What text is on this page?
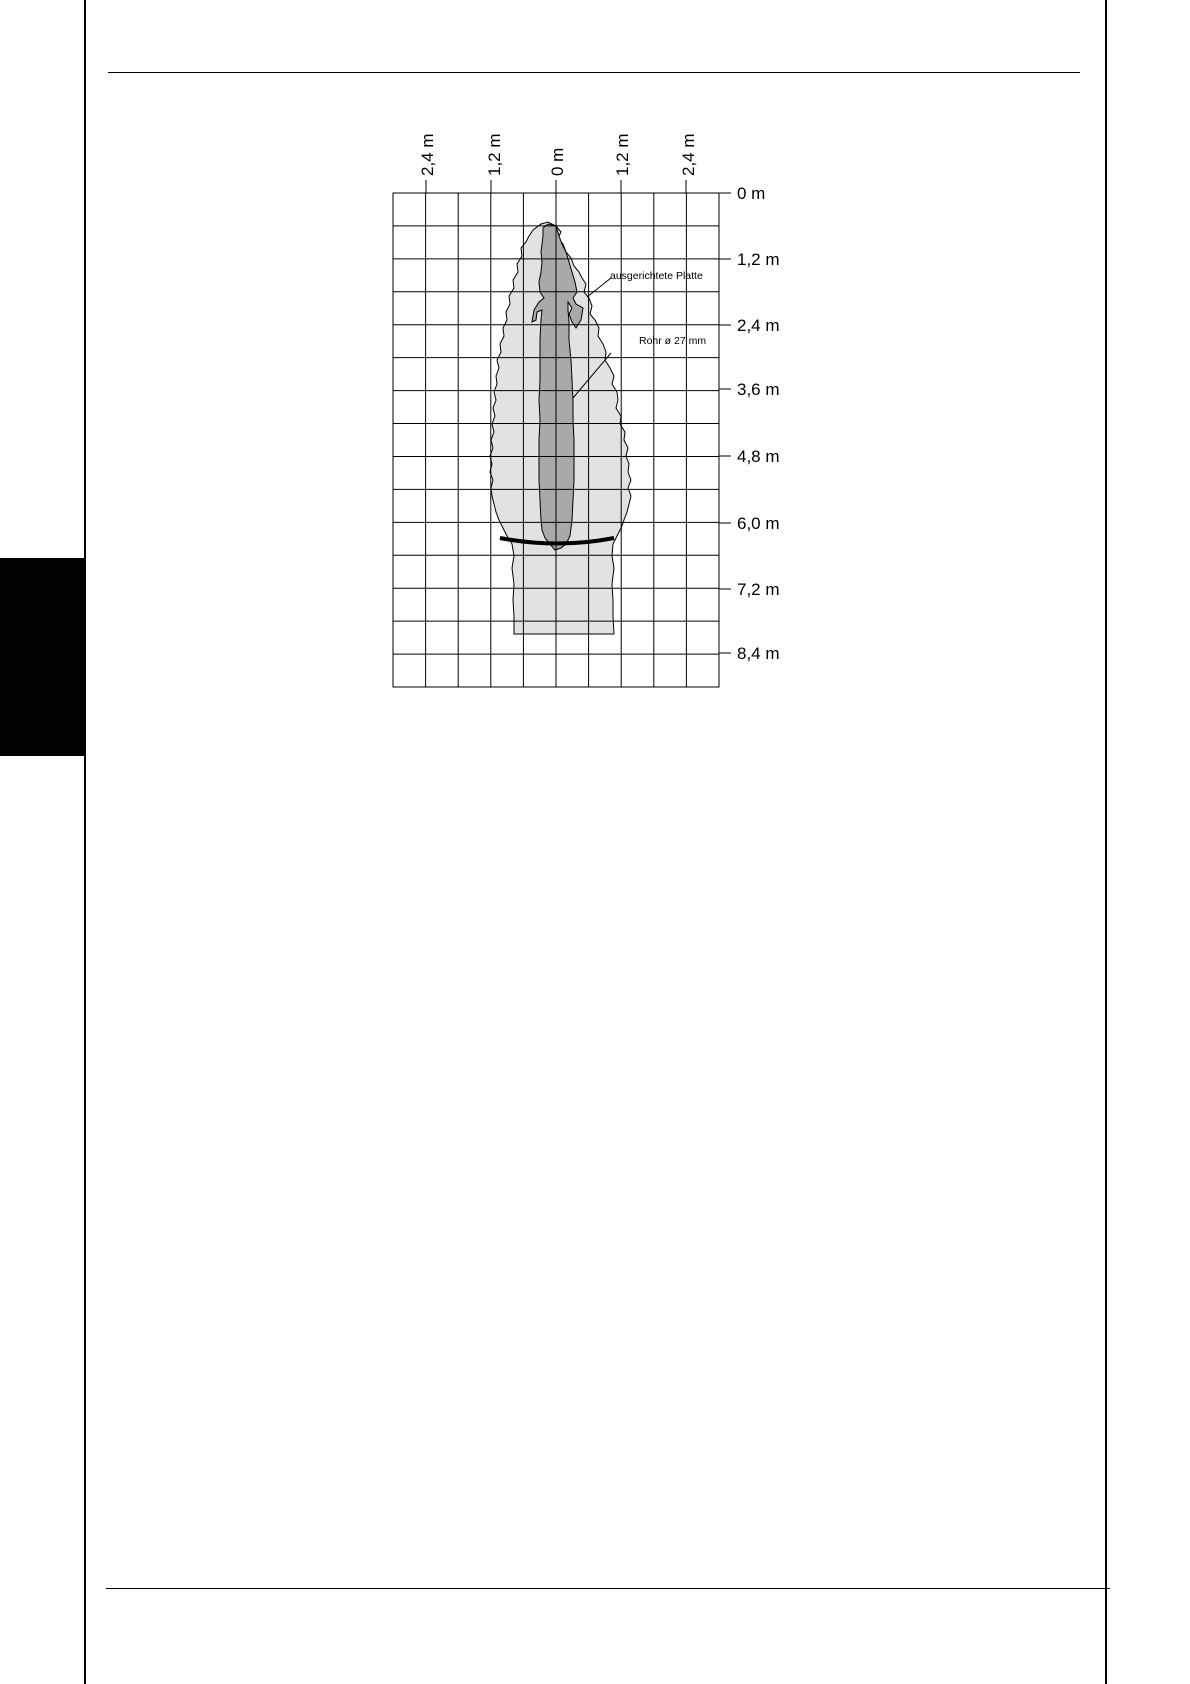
ausgerichtete Platte
Rohr ø 27 mm
2,4 m	1,2 m	0 m	1,2 m	2,4 m
0 m
1,2 m
2,4 m
3,6 m
4,8 m
6,0 m
7,2 m
8,4 m
